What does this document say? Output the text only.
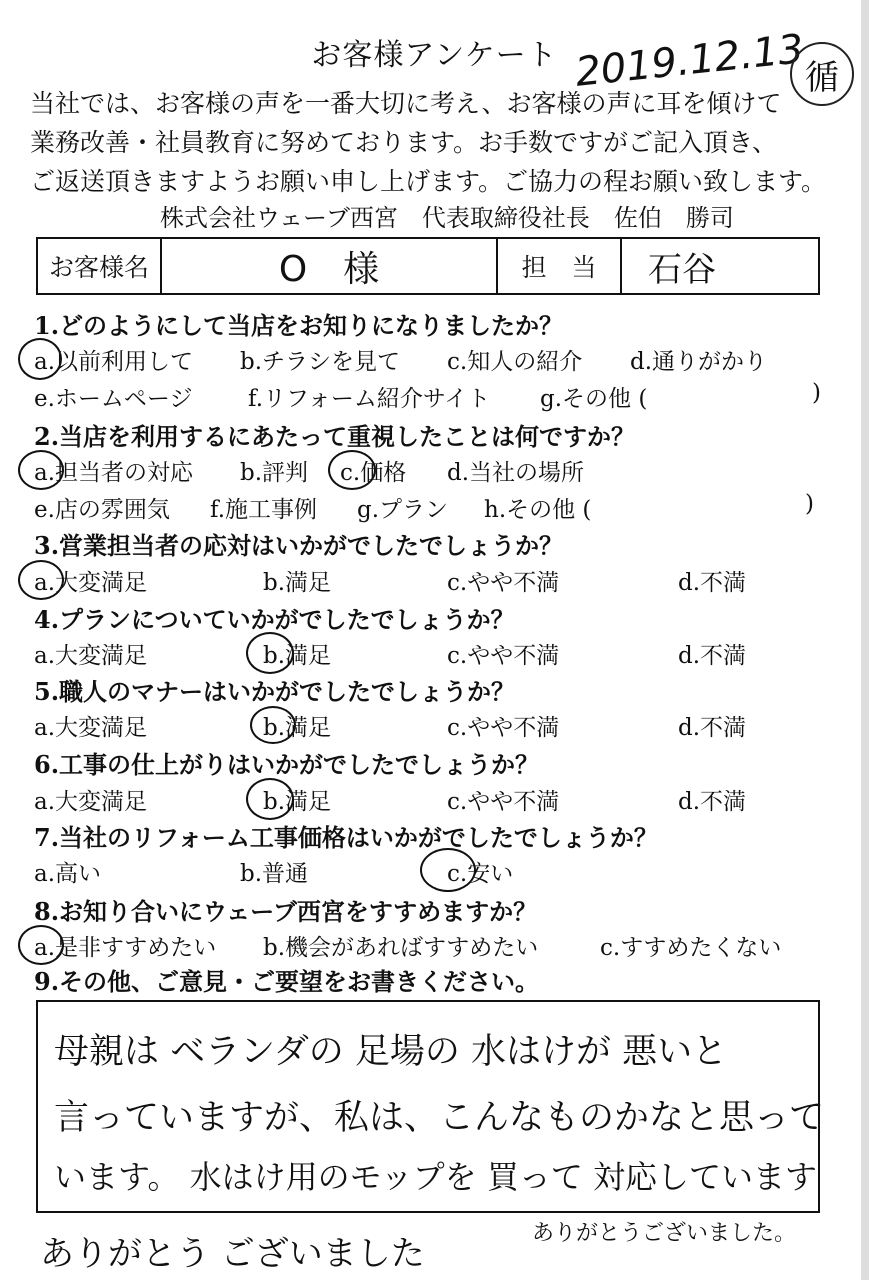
お客様アンケート 2019.12.13 循
当社では、お客様の声を一番大切に考え、お客様の声に耳を傾けて
業務改善・社員教育に努めております。お手数ですがご記入頂き、
ご返送頂きますようお願い申し上げます。ご協力の程お願い致します。
株式会社ウェーブ西宮　代表取締役社長　佐伯　勝司
お客様名	O　様	担　当	石谷
1.どのようにして当店をお知りになりましたか？
a.以前利用して b.チラシを見て c.知人の紹介 d.通りがかり
e.ホームページ f.リフォーム紹介サイト g.その他 (	)
2.当店を利用するにあたって重視したことは何ですか？
a.担当者の対応 b.評判 c.価格 d.当社の場所
e.店の雰囲気 f.施工事例 g.プラン h.その他 (	)
3.営業担当者の応対はいかがでしたでしょうか？
a.大変満足	b.満足	c.やや不満	d.不満
4.プランについていかがでしたでしょうか？
a.大変満足	b.満足	c.やや不満	d.不満
5.職人のマナーはいかがでしたでしょうか？
a.大変満足	b.満足	c.やや不満	d.不満
6.工事の仕上がりはいかがでしたでしょうか？
a.大変満足	b.満足	c.やや不満	d.不満
7.当社のリフォーム工事価格はいかがでしたでしょうか？
a.高い	b.普通	c.安い
8.お知り合いにウェーブ西宮をすすめますか？
a.是非すすめたい b.機会があればすすめたい	c.すすめたくない
9.その他、ご意見・ご要望をお書きください。
母親は ベランダの 足場の 水はけが 悪いと
言っていますが、私は、こんなものかなと思って
います。 水はけ用のモップを 買って 対応しています
ありがとう ございました
ありがとうございました。
